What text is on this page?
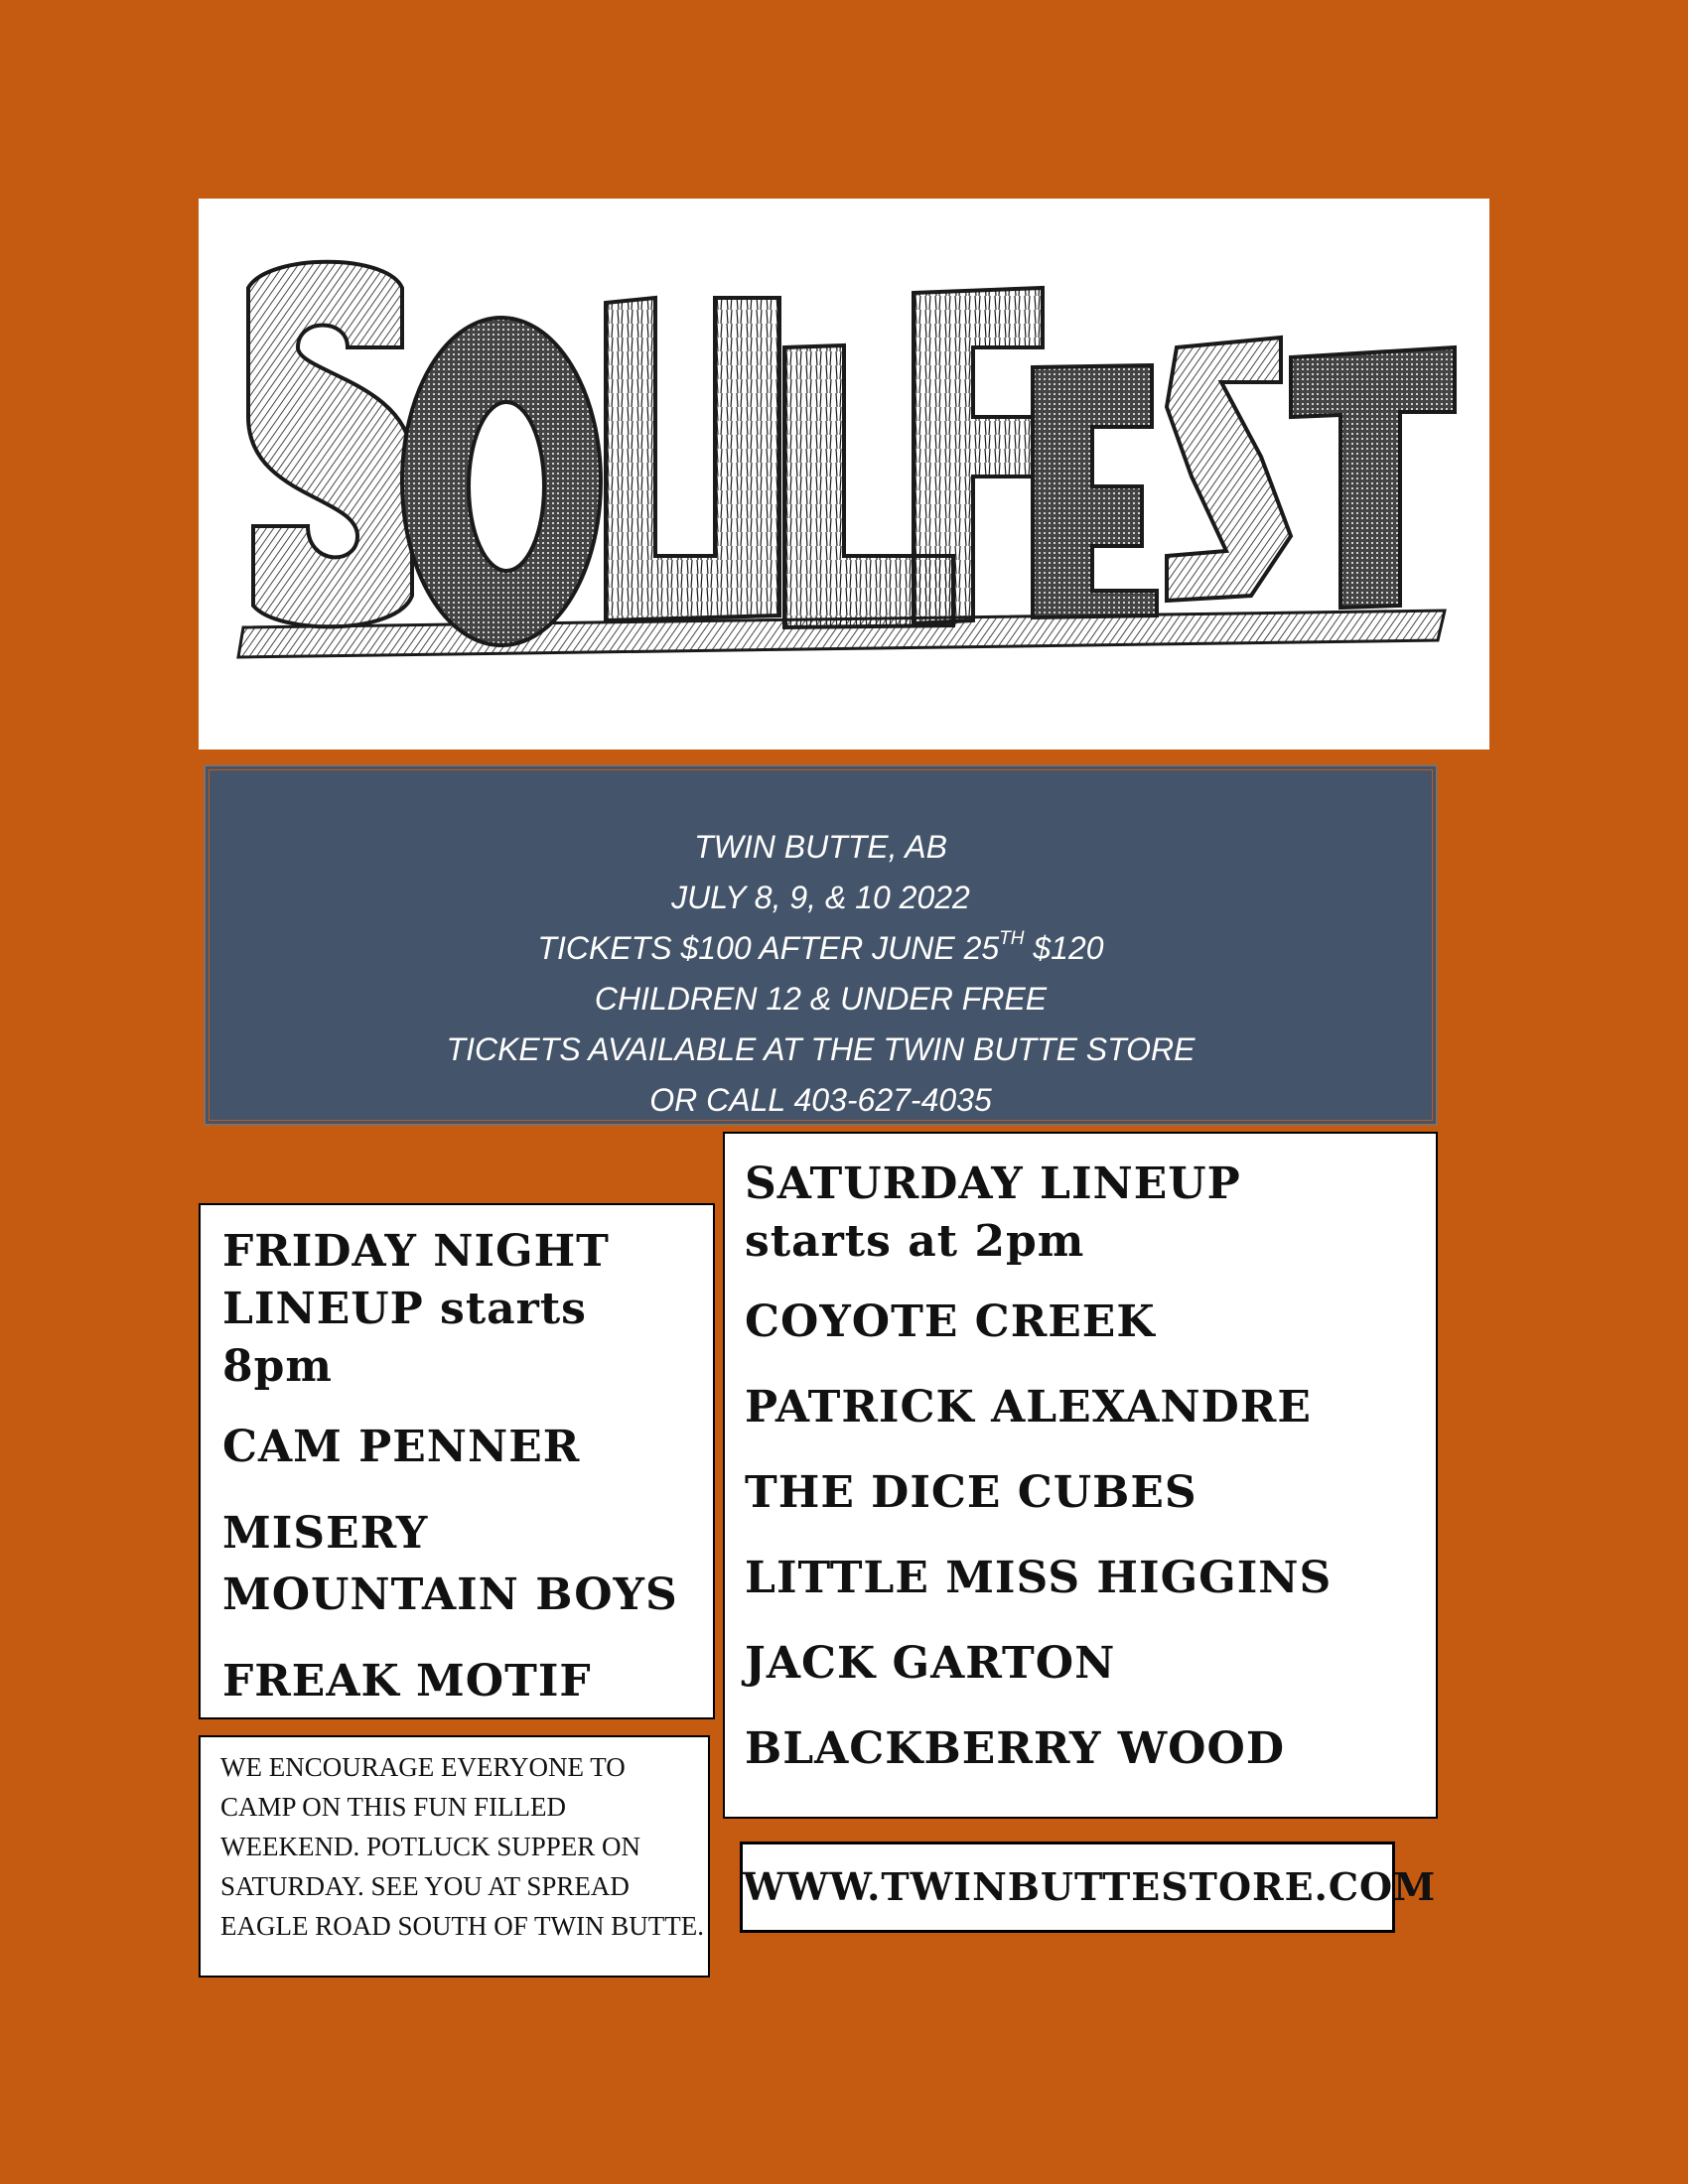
TWIN BUTTE, AB
JULY 8, 9, & 10 2022
TICKETS $100 AFTER JUNE 25TH $120
CHILDREN 12 & UNDER FREE
TICKETS AVAILABLE AT THE TWIN BUTTE STORE
OR CALL 403-627-4035
FRIDAY NIGHT LINEUP starts 8pm
CAM PENNER
MISERY MOUNTAIN BOYS
FREAK MOTIF
SATURDAY LINEUP starts at 2pm
COYOTE CREEK
PATRICK ALEXANDRE
THE DICE CUBES
LITTLE MISS HIGGINS
JACK GARTON
BLACKBERRY WOOD
WE ENCOURAGE EVERYONE TO CAMP ON THIS FUN FILLED WEEKEND. POTLUCK SUPPER ON SATURDAY. SEE YOU AT SPREAD EAGLE ROAD SOUTH OF TWIN BUTTE.
WWW.TWINBUTTESTORE.COM
